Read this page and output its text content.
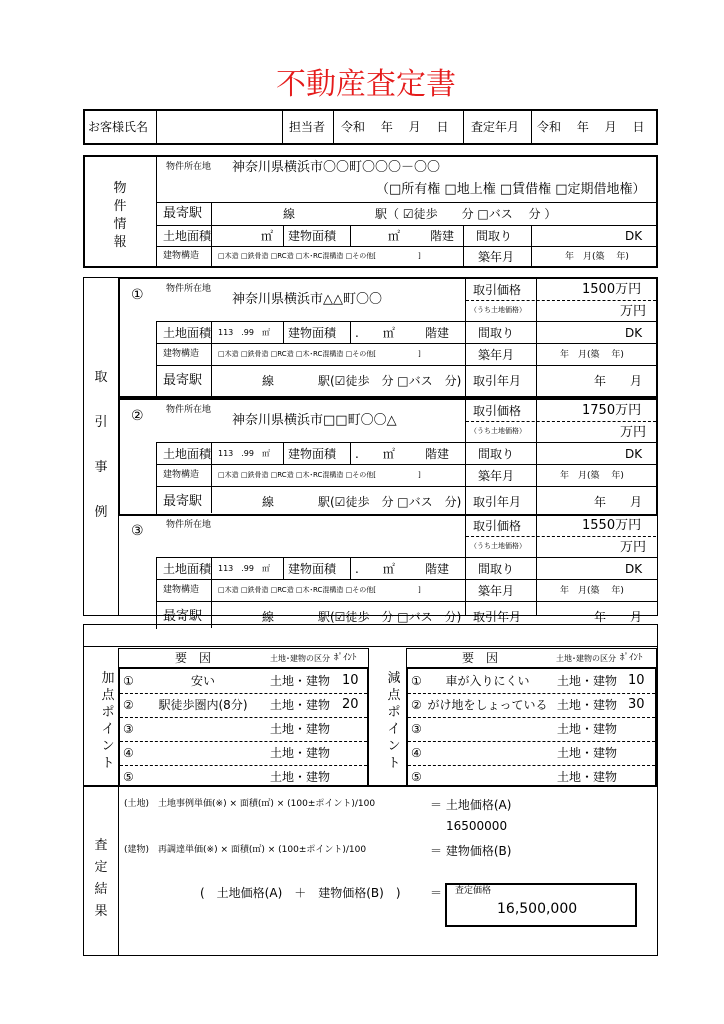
不動産査定書
お客様氏名	担当者 令和　 年　 月　 日 査定年月 令和　 年　 月　 日
物件情報
物件所在地 神奈川県横浜市〇〇町〇〇〇－〇〇
（□所有権 □地上権 □賃借権 □定期借地権）
最寄駅	線	駅（ ☑徒歩　　分 □バス　 分 ）
土地面積	㎡ 建物面積	㎡ 階建 間取り	DK
建物構造	□木造 □鉄骨造 □RC造 □木･RC混構造 □その他[　　　　　　]	築年月	年　月(築　 年)
取引事例
① 物件所在地
神奈川県横浜市△△町〇〇
取引価格	1500万円
（うち土地価格）	万円
土地面積 113　.99　㎡ 建物面積 .　　㎡	階建 間取り	DK
建物構造	□木造 □鉄骨造 □RC造 □木･RC混構造 □その他[　　　　　　]	築年月	年　月(築　 年)
最寄駅	線	駅(☑徒歩　分 □バス　分) 取引年月	年　　月
② 物件所在地
神奈川県横浜市□□町〇〇△
取引価格	1750万円
（うち土地価格）	万円
土地面積 113　.99　㎡ 建物面積 .　　㎡	階建 間取り	DK
建物構造	□木造 □鉄骨造 □RC造 □木･RC混構造 □その他[　　　　　　]	築年月	年　月(築　 年)
最寄駅	線	駅(☑徒歩　分 □バス　分) 取引年月	年　　月
③ 物件所在地	取引価格	1550万円
（うち土地価格）	万円
土地面積 113　.99　㎡ 建物面積 .　　㎡	階建 間取り	DK
建物構造	□木造 □鉄骨造 □RC造 □木･RC混構造 □その他[　　　　　　]	築年月	年　月(築　 年)
最寄駅	線	駅(☑徒歩　分 □バス　分) 取引年月	年　　月
加点ポイント
要　因	土地･建物の区分 ﾎﾟｲﾝﾄ
①	安い	土地・建物 10
②	駅徒歩圏内(8分)	土地・建物 20
③	土地・建物
④	土地・建物
⑤	土地・建物
減点ポイント
要　因	土地･建物の区分 ﾎﾟｲﾝﾄ
①	車が入りにくい	土地・建物 10
② がけ地をしょっている 土地・建物 30
③	土地・建物
④	土地・建物
⑤	土地・建物
査定結果
(土地)　土地事例単価(※) × 面積(㎡) × (100±ポイント)/100	＝ 土地価格(A)
16500000
(建物)　再調達単価(※) × 面積(㎡) × (100±ポイント)/100	＝ 建物価格(B)
(　土地価格(A)　＋　建物価格(B)　) ＝ 査定価格
16,500,000
